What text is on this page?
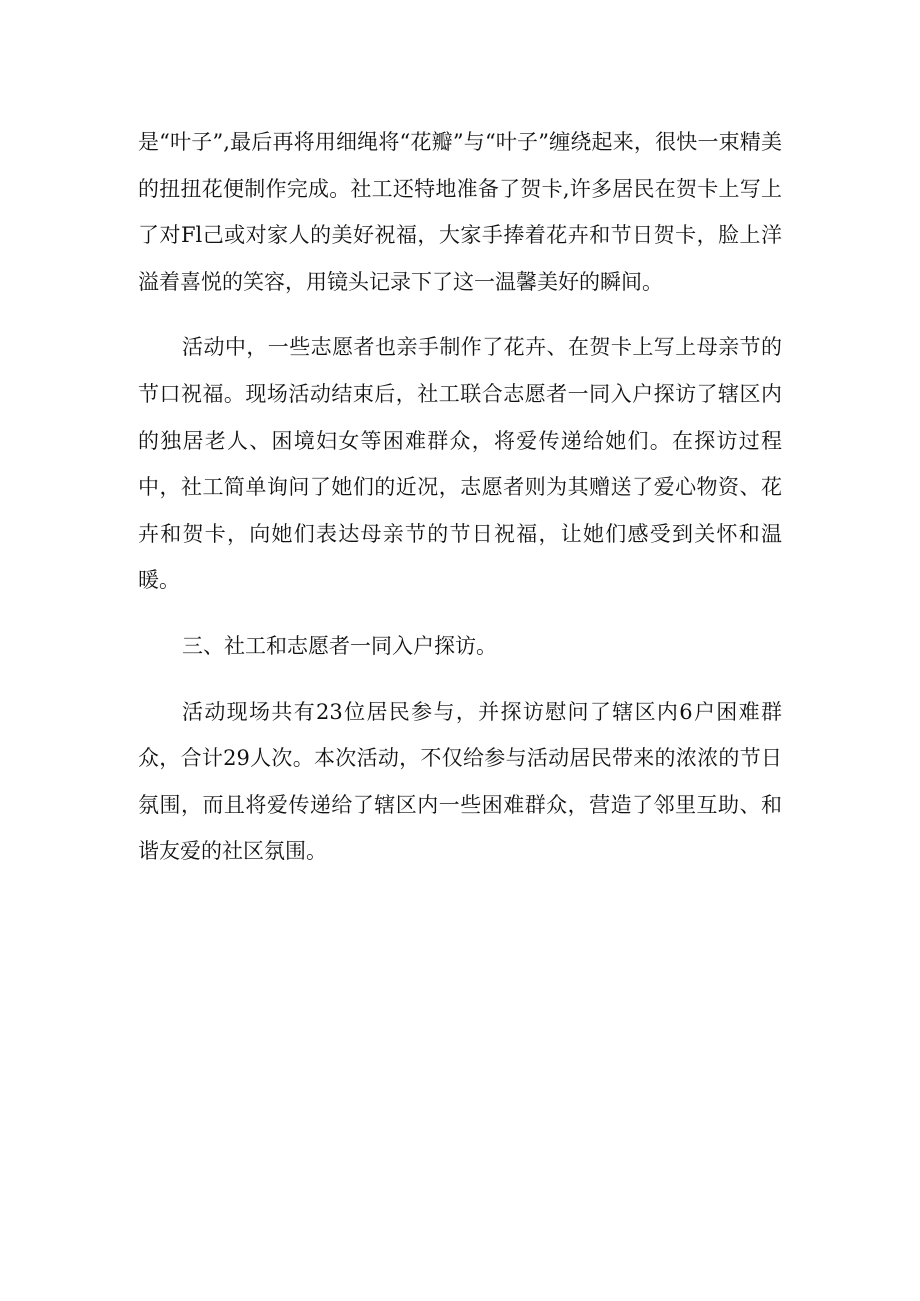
是“叶子”,最后再将用细绳将“花瓣”与“叶子”缠绕起来，很快一束精美的扭扭花便制作完成。社工还特地准备了贺卡,许多居民在贺卡上写上了对Fl己或对家人的美好祝福，大家手捧着花卉和节日贺卡，脸上洋溢着喜悦的笑容，用镜头记录下了这一温馨美好的瞬间。

活动中，一些志愿者也亲手制作了花卉、在贺卡上写上母亲节的节口祝福。现场活动结束后，社工联合志愿者一同入户探访了辖区内的独居老人、困境妇女等困难群众，将爱传递给她们。在探访过程中，社工简单询问了她们的近况，志愿者则为其赠送了爱心物资、花卉和贺卡，向她们表达母亲节的节日祝福，让她们感受到关怀和温暖。

三、社工和志愿者一同入户探访。

活动现场共有23位居民参与，并探访慰问了辖区内6户困难群众，合计29人次。本次活动，不仅给参与活动居民带来的浓浓的节日氛围，而且将爱传递给了辖区内一些困难群众，营造了邻里互助、和谐友爱的社区氛围。
